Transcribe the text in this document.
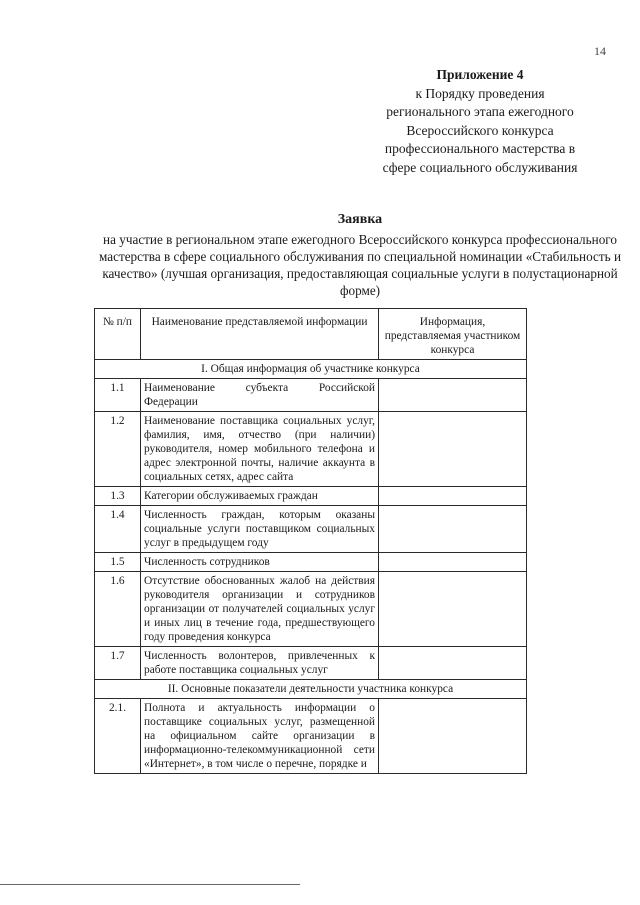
14
Приложение 4
к Порядку проведения
регионального этапа ежегодного
Всероссийского конкурса
профессионального мастерства в
сфере социального обслуживания
Заявка
на участие в региональном этапе ежегодного Всероссийского конкурса профессионального мастерства в сфере социального обслуживания по специальной номинации «Стабильность и качество» (лучшая организация, предоставляющая социальные услуги в полустационарной форме)
№ п/п	Наименование представляемой информации	Информация, представляемая участником конкурса
I. Общая информация об участнике конкурса		
1.1	Наименование субъекта Российской Федерации	
1.2	Наименование поставщика социальных услуг, фамилия, имя, отчество (при наличии) руководителя, номер мобильного телефона и адрес электронной почты, наличие аккаунта в социальных сетях, адрес сайта	
1.3	Категории обслуживаемых граждан	
1.4	Численность граждан, которым оказаны социальные услуги поставщиком социальных услуг в предыдущем году	
1.5	Численность сотрудников	
1.6	Отсутствие обоснованных жалоб на действия руководителя организации и сотрудников организации от получателей социальных услуг и иных лиц в течение года, предшествующего году проведения конкурса	
1.7	Численность волонтеров, привлеченных к работе поставщика социальных услуг	
II. Основные показатели деятельности участника конкурса		
2.1.	Полнота и актуальность информации о поставщике социальных услуг, размещенной на официальном сайте организации в информационно-телекоммуникационной сети «Интернет», в том числе о перечне, порядке и	
